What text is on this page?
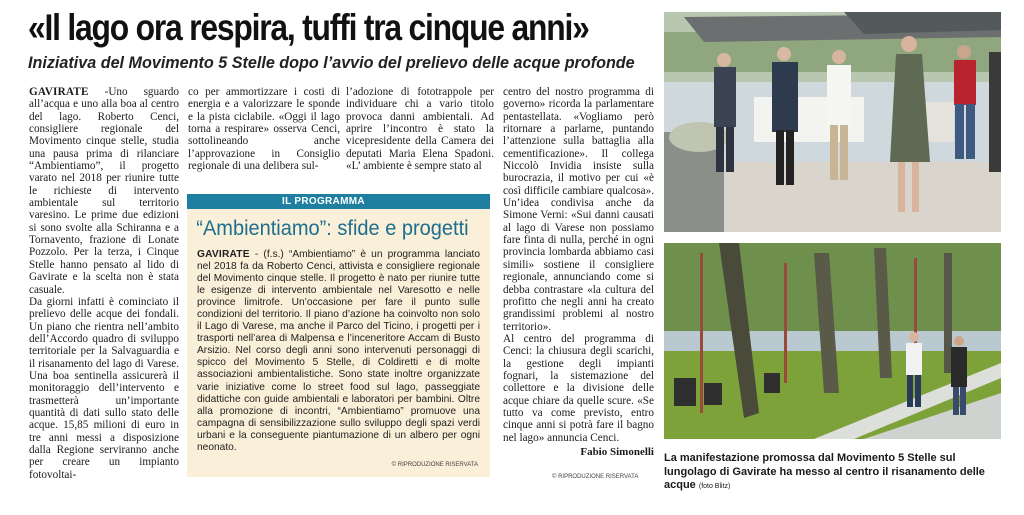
«Il lago ora respira, tuffi tra cinque anni»
Iniziativa del Movimento 5 Stelle dopo l’avvio del prelievo delle acque profonde

GAVIRATE -Uno sguardo all’acqua e uno alla boa al centro del lago. Roberto Cenci, consigliere regionale del Movimento cinque stelle, studia una pausa prima di rilanciare “Ambientiamo”, il progetto varato nel 2018 per riunire tutte le richieste di intervento ambientale sul territorio varesino. Le prime due edizioni si sono svolte alla Schiranna e a Tornavento, frazione di Lonate Pozzolo. Per la terza, i Cinque Stelle hanno pensato al lido di Gavirate e la scelta non è stata casuale.

Da giorni infatti è cominciato il prelievo delle acque dei fondali. Un piano che rientra nell’ambito dell’Accordo quadro di sviluppo territoriale per la Salvaguardia e il risanamento del lago di Varese. Una boa sentinella assicurerà il monitoraggio dell’intervento e trasmetterà un’importante quantità di dati sullo stato delle acque. 15,85 milioni di euro in tre anni messi a disposizione dalla Regione serviranno anche per creare un impianto fotovoltai-

co per ammortizzare i costi di energia e a valorizzare le sponde e la pista ciclabile. «Oggi il lago torna a respirare» osserva Cenci, sottolineando anche l’approvazione in Consiglio regionale di una delibera sul-

l’adozione di fototrappole per individuare chi a vario titolo provoca danni ambientali. Ad aprire l’incontro è stato la vicepresidente della Camera dei deputati Maria Elena Spadoni. «L’ ambiente è sempre stato al

centro del nostro programma di governo» ricorda la parlamentare pentastellata. «Vogliamo però ritornare a parlarne, puntando l’attenzione sulla battaglia alla cementificazione». Il collega Niccolò Invidia insiste sulla burocrazia, il motivo per cui «è così difficile cambiare qualcosa». Un’idea condivisa anche da Simone Verni: «Sui danni causati al lago di Varese non possiamo fare finta di nulla, perché in ogni provincia lombarda abbiamo casi simili» sostiene il consigliere regionale, annunciando come si debba contrastare «la cultura del profitto che negli anni ha creato grandissimi problemi al nostro territorio».

Al centro del programma di Cenci: la chiusura degli scarichi, la gestione degli impianti fognari, la sistemazione del collettore e la divisione delle acque chiare da quelle scure. «Se tutto va come previsto, entro cinque anni si potrà fare il bagno nel lago» annuncia Cenci.

Fabio Simonelli
© RIPRODUZIONE RISERVATA
IL PROGRAMMA
“Ambientiamo”: sfide e progetti
GAVIRATE - (f.s.) “Ambientiamo” è un programma lanciato nel 2018 fa da Roberto Cenci, attivista e consigliere regionale del Movimento cinque stelle. Il progetto è nato per riunire tutte le esigenze di intervento ambientale nel Varesotto e nelle province limitrofe. Un’occasione per fare il punto sulle condizioni del territorio. Il piano d’azione ha coinvolto non solo il Lago di Varese, ma anche il Parco del Ticino, i progetti per i trasporti nell’area di Malpensa e l’inceneritore Accam di Busto Arsizio. Nel corso degli anni sono intervenuti personaggi di spicco del Movimento 5 Stelle, di Coldiretti e di molte associazioni ambientalistiche. Sono state inoltre organizzate varie iniziative come lo street food sul lago, passeggiate didattiche con guide ambientali e laboratori per bambini. Oltre alla promozione di incontri, “Ambientiamo” promuove una campagna di sensibilizzazione sullo sviluppo degli spazi verdi urbani e la conseguente piantumazione di un albero per ogni neonato.
© RIPRODUZIONE RISERVATA

La manifestazione promossa dal Movimento 5 Stelle sul lungolago di Gavirate ha messo al centro il risanamento delle acque (foto Blitz)
